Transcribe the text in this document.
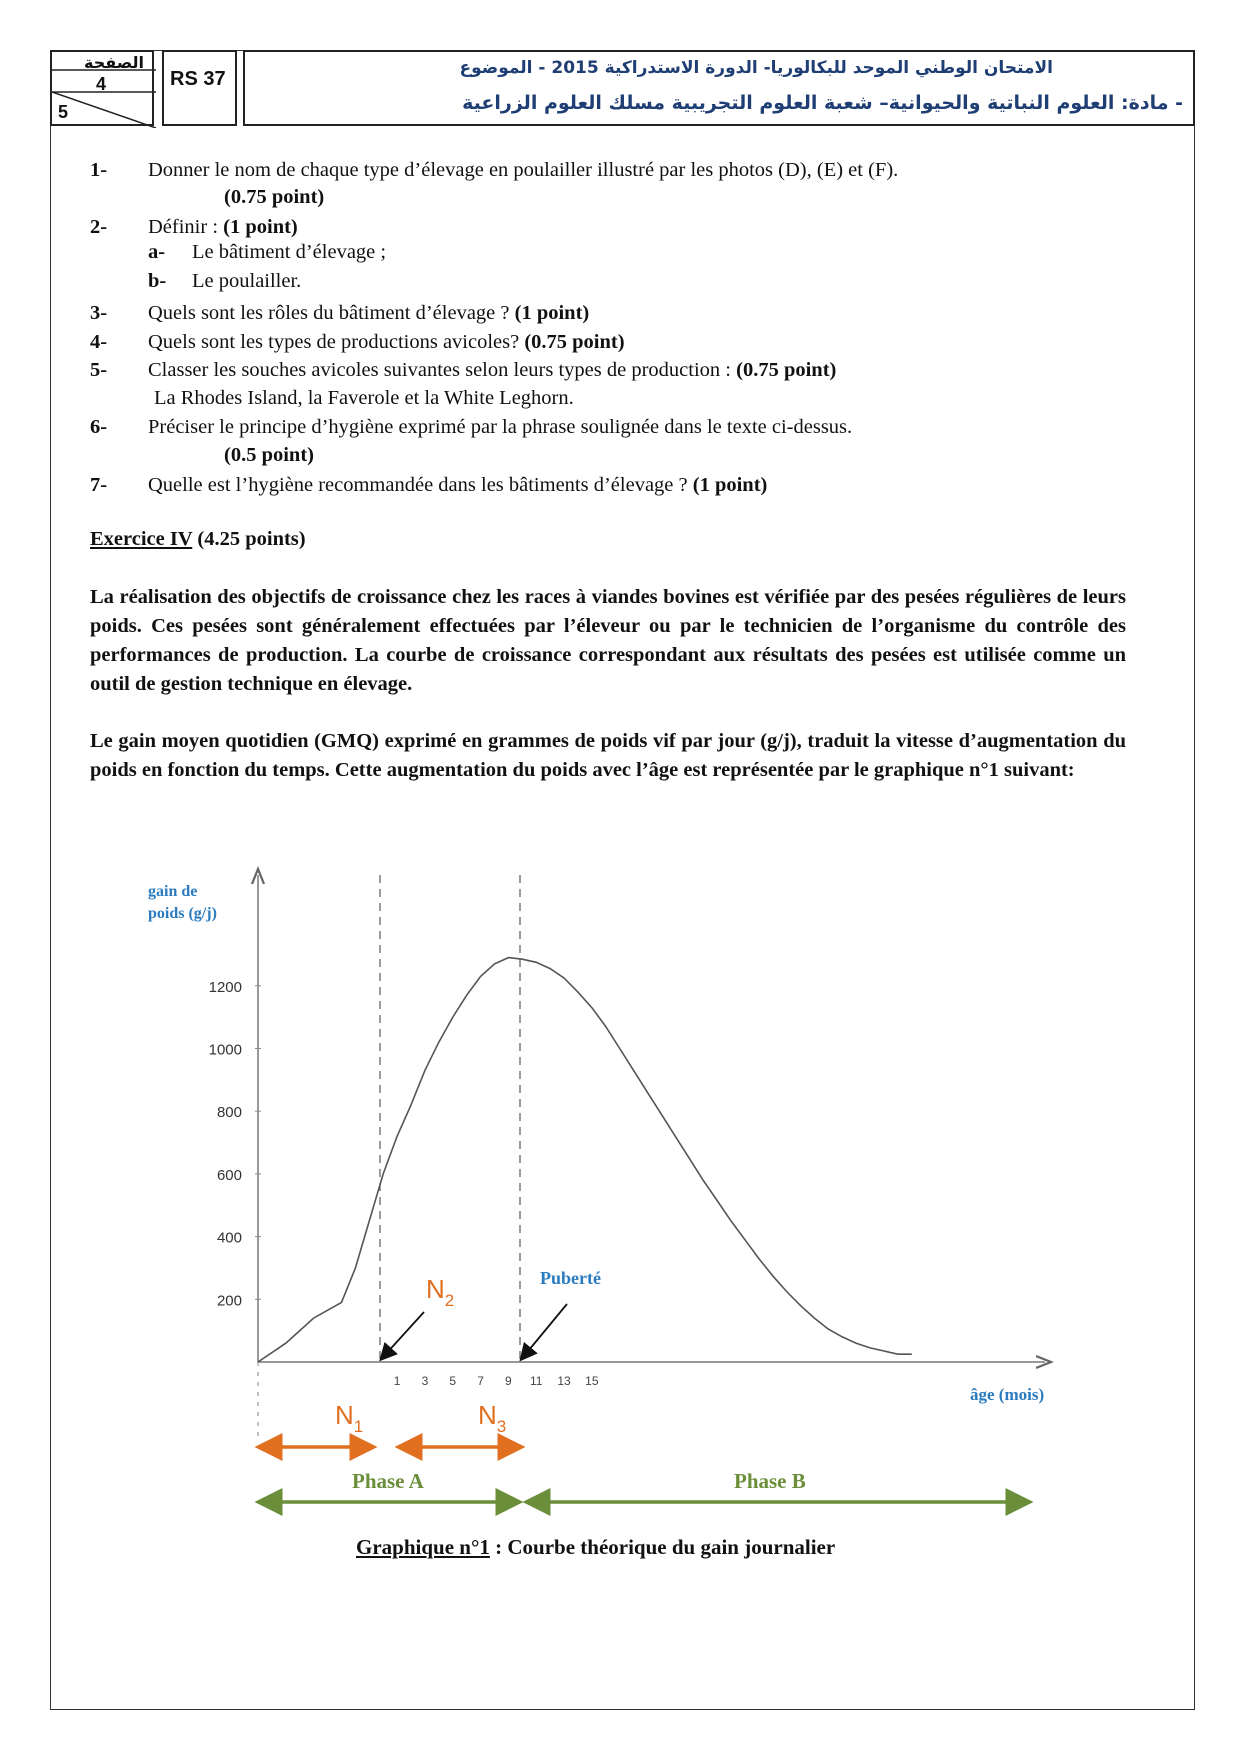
الصفحة
4
5
RS 37	الامتحان الوطني الموحد للبكالوريا- الدورة الاستدراكية 2015 - الموضوع
- مادة: العلوم النباتية والحيوانية– شعبة العلوم التجريبية مسلك العلوم الزراعية
1- Donner le nom de chaque type d’élevage en poulailler illustré par les photos (D), (E) et (F).
(0.75 point)
2- Définir : (1 point)
a- Le bâtiment d’élevage ;
b- Le poulailler.
3- Quels sont les rôles du bâtiment d’élevage ? (1 point)
4- Quels sont les types de productions avicoles? (0.75 point)
5- Classer les souches avicoles suivantes selon leurs types de production : (0.75 point)
La Rhodes Island, la Faverole et la White Leghorn.
6- Préciser le principe d’hygiène exprimé par la phrase soulignée dans le texte ci-dessus.
(0.5 point)
7- Quelle est l’hygiène recommandée dans les bâtiments d’élevage ? (1 point)
Exercice IV (4.25 points)
La réalisation des objectifs de croissance chez les races à viandes bovines est vérifiée par des pesées régulières de leurs poids. Ces pesées sont généralement effectuées par l’éleveur ou par le technicien de l’organisme du contrôle des performances de production. La courbe de croissance correspondant aux résultats des pesées est utilisée comme un outil de gestion technique en élevage.
Le gain moyen quotidien (GMQ) exprimé en grammes de poids vif par jour (g/j), traduit la vitesse d’augmentation du poids en fonction du temps. Cette augmentation du poids avec l’âge est représentée par le graphique n°1 suivant:
gain de
poids (g/j)
âge (mois)
1200
1000
800
600
400
200
1 3 5 7 9 11 13 15
$N_2$
Puberté
$N_1$	$N_3$
Phase A	Phase B
Graphique n°1 : Courbe théorique du gain journalier
